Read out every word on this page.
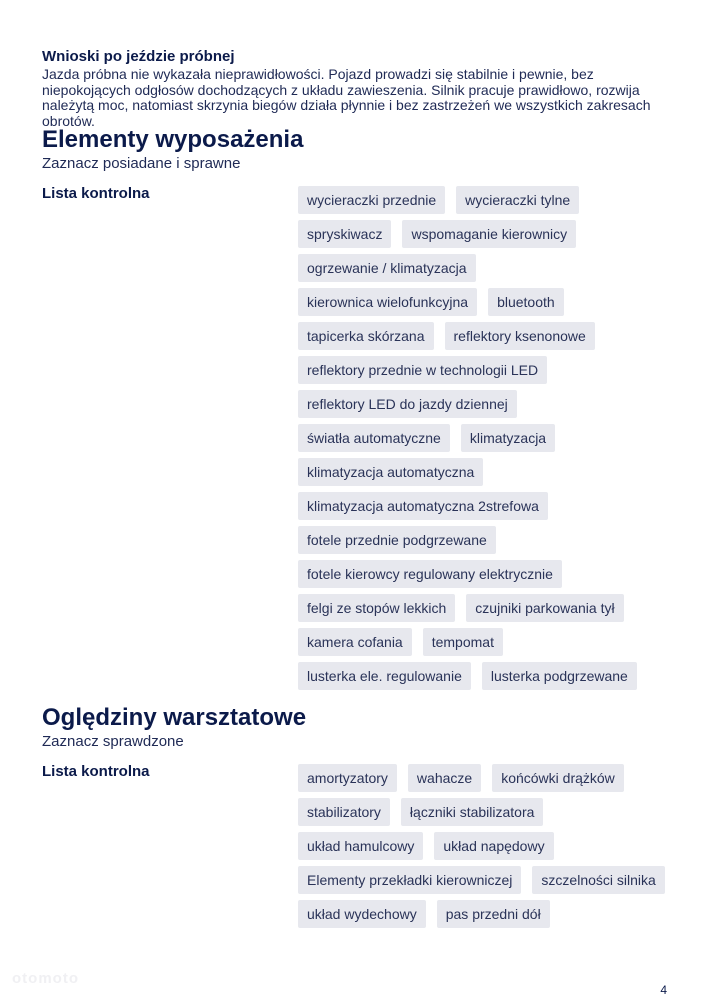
Wnioski po jeździe próbnej
Jazda próbna nie wykazała nieprawidłowości. Pojazd prowadzi się stabilnie i pewnie, bez niepokojących odgłosów dochodzących z układu zawieszenia. Silnik pracuje prawidłowo, rozwija należytą moc, natomiast skrzynia biegów działa płynnie i bez zastrzeżeń we wszystkich zakresach obrotów.
Elementy wyposażenia
Zaznacz posiadane i sprawne
Lista kontrolna	wycieraczki przednie	wycieraczki tylne
spryskiwacz	wspomaganie kierownicy
ogrzewanie / klimatyzacja
kierownica wielofunkcyjna	bluetooth
tapicerka skórzana	reflektory ksenonowe
reflektory przednie w technologii LED
reflektory LED do jazdy dziennej
światła automatyczne	klimatyzacja
klimatyzacja automatyczna
klimatyzacja automatyczna 2strefowa
fotele przednie podgrzewane
fotele kierowcy regulowany elektrycznie
felgi ze stopów lekkich	czujniki parkowania tył
kamera cofania	tempomat
lusterka ele. regulowanie	lusterka podgrzewane
Oględziny warsztatowe
Zaznacz sprawdzone
Lista kontrolna	amortyzatory	wahacze	końcówki drążków
stabilizatory	łączniki stabilizatora
układ hamulcowy	układ napędowy
Elementy przekładki kierowniczej	szczelności silnika
układ wydechowy	pas przedni dół
otomoto
4
